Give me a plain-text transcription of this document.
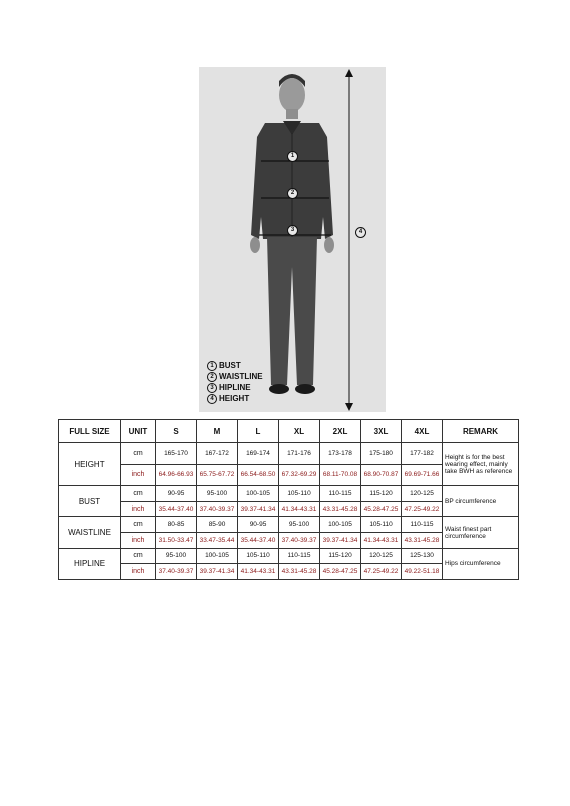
1
2
3	4
1 BUST
2 WAISTLINE
3 HIPLINE
4 HEIGHT
FULL SIZE	UNIT	S	M	L	XL	2XL	3XL	4XL	REMARK
HEIGHT	cm	165-170	167-172	169-174	171-176	173-178	175-180	177-182	Height is for the best wearing effect, mainly take BWH as reference
	inch	64.96-66.93	65.75-67.72	66.54-68.50	67.32-69.29	68.11-70.08	68.90-70.87	69.69-71.66	
BUST	cm	90-95	95-100	100-105	105-110	110-115	115-120	120-125	BP circumference
	inch	35.44-37.40	37.40-39.37	39.37-41.34	41.34-43.31	43.31-45.28	45.28-47.25	47.25-49.22	
WAISTLINE	cm	80-85	85-90	90-95	95-100	100-105	105-110	110-115	Waist finest part circumference
	inch	31.50-33.47	33.47-35.44	35.44-37.40	37.40-39.37	39.37-41.34	41.34-43.31	43.31-45.28	
HIPLINE	cm	95-100	100-105	105-110	110-115	115-120	120-125	125-130	Hips circumference
	inch	37.40-39.37	39.37-41.34	41.34-43.31	43.31-45.28	45.28-47.25	47.25-49.22	49.22-51.18	
